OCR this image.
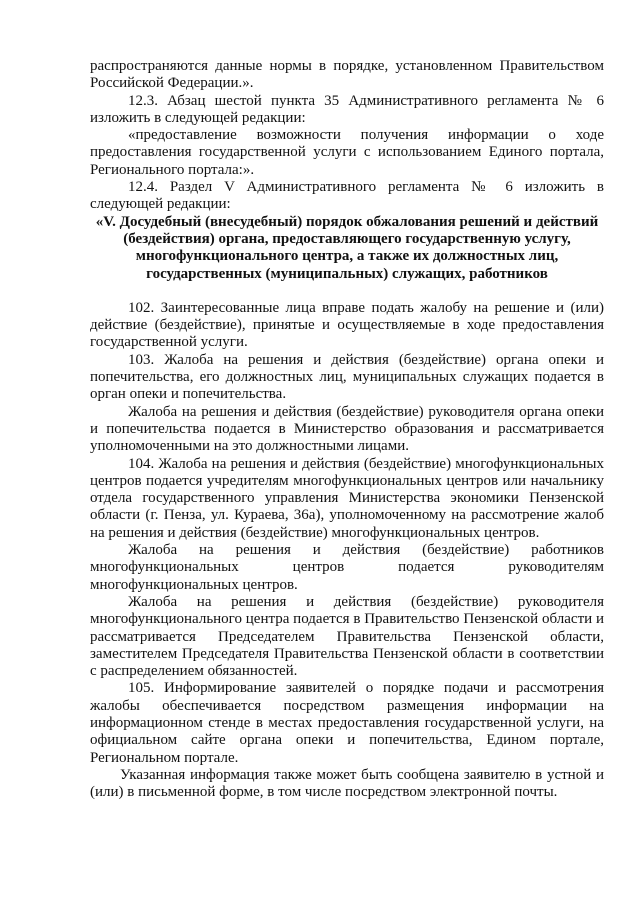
распространяются данные нормы в порядке, установленном Правительством Российской Федерации.».

12.3. Абзац шестой пункта 35 Административного регламента № 6 изложить в следующей редакции:

«предоставление возможности получения информации о ходе предоставления государственной услуги с использованием Единого портала, Регионального портала:».

12.4. Раздел V Административного регламента № 6 изложить в следующей редакции:

«V. Досудебный (внесудебный) порядок обжалования решений и действий (бездействия) органа, предоставляющего государственную услугу, многофункционального центра, а также их должностных лиц, государственных (муниципальных) служащих, работников

102. Заинтересованные лица вправе подать жалобу на решение и (или) действие (бездействие), принятые и осуществляемые в ходе предоставления государственной услуги.

103. Жалоба на решения и действия (бездействие) органа опеки и попечительства, его должностных лиц, муниципальных служащих подается в орган опеки и попечительства.

Жалоба на решения и действия (бездействие) руководителя органа опеки и попечительства подается в Министерство образования и рассматривается уполномоченными на это должностными лицами.

104. Жалоба на решения и действия (бездействие) многофункциональных центров подается учредителям многофункциональных центров или начальнику отдела государственного управления Министерства экономики Пензенской области (г. Пенза, ул. Кураева, 36а), уполномоченному на рассмотрение жалоб на решения и действия (бездействие) многофункциональных центров.

Жалоба на решения и действия (бездействие) работников многофункциональных центров подается руководителям многофункциональных центров.

Жалоба на решения и действия (бездействие) руководителя многофункционального центра подается в Правительство Пензенской области и рассматривается Председателем Правительства Пензенской области, заместителем Председателя Правительства Пензенской области в соответствии с распределением обязанностей.

105. Информирование заявителей о порядке подачи и рассмотрения жалобы обеспечивается посредством размещения информации на информационном стенде в местах предоставления государственной услуги, на официальном сайте органа опеки и попечительства, Едином портале, Региональном портале.

Указанная информация также может быть сообщена заявителю в устной и (или) в письменной форме, в том числе посредством электронной почты.
